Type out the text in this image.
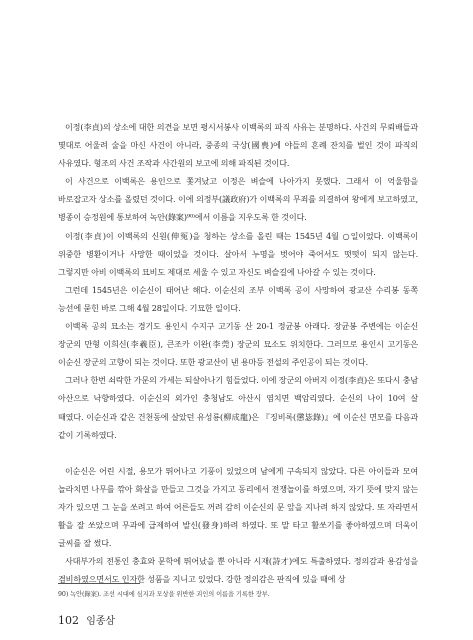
이정(李貞)의 상소에 대한 의견을 보면 평시서봉사 이백록의 파직 사유는 분명하다. 사건의 무뢰배들과 몇대로 어울려 술을 마신 사건이 아니라, 중종의 국상(國喪)에 야들의 혼례 잔치를 벌인 것이 파직의 사유였다. 형조의 사건 조작과 사간원의 보고에 의해 파직된 것이다.

이 사건으로 이백록은 용인으로 쫓겨났고 이정은 벼슬에 나아가지 못했다. 그래서 이 억울함을 바로잡고자 상소를 올렸던 것이다. 이에 의정부(議政府)가 이백록의 무죄를 의결하여 왕에게 보고하였고, 병종이 승정원에 통보하여 녹안(錄案)⁹⁰⁾에서 이름을 지우도록 한 것이다.

이정(李貞)이 이백록의 신원(伸冤)을 청하는 상소를 올린 때는 1545년 4월 ○일이었다. 이백록이 위중한 병환이거나 사망한 때이었을 것이다. 살아서 누명을 벗어야 죽어서도 떳떳이 되지 않는다. 그렇지만 아비 이백록의 묘비도 제대로 세울 수 있고 자신도 벼슬길에 나아갈 수 있는 것이다.

그런데 1545년은 이순신이 태어난 해다. 이순신의 조부 이백록 공이 사망하여 광교산 수리봉 동쪽 능선에 묻힌 바로 그해 4월 28일이다. 기묘한 일이다.

이백록 공의 묘소는 경기도 용인시 수지구 고기동 산 20-1 정균봉 아래다. 장균봉 주변에는 이순신 장군의 만형 이희신(李羲臣), 큰조카 이완(李莞) 장군의 묘소도 위치한다. 그러므로 용인시 고기동은 이순신 장군의 고향이 되는 것이다. 또한 광교산이 낸 용마등 전설의 주인공이 되는 것이다.

그러나 한번 쇠락한 가문의 가세는 되살아나기 힘들었다. 이에 장군의 아버지 이정(李貞)은 또다시 충남 아산으로 낙향하였다. 이순신의 외가인 충청남도 아산시 염치면 백암리였다. 순신의 나이 10여 살 때였다. 이순신과 같은 건천동에 살았던 유성룡(柳成龍)은 『징비록(懲毖錄)』에 이순신 면모를 다음과 같이 기록하였다.

이순신은 어린 시절, 용모가 뛰어나고 기풍이 있었으며 남에게 구속되지 않았다. 다른 아이들과 모여 놀라치면 나무를 깎아 화살을 만들고 그것을 가지고 동리에서 전쟁놀이를 하였으며, 자기 뜻에 맞지 않는 자가 있으면 그 눈을 쏘려고 하여 어른들도 꺼려 감히 이순신의 문 앞을 지나려 하지 않았다. 또 자라면서 활을 잘 쏘았으며 무과에 급제하여 발신(發身)하려 하였다. 또 말 타고 활쏘기를 좋아하였으며 더욱이 글씨를 잘 썼다.

사대부가의 전통인 충효와 문학에 뛰어났을 뿐 아니라 시재(詩才)에도 특출하였다. 정의감과 용감성을 겸비하였으면서도 인자한 성품을 지니고 있었다. 강한 정의감은 판직에 있을 때에 상

90) 녹안(錄案). 조선 시대에 심지과 모상을 위반한 괴인의 이름을 기록한 장부.
102 임종삼
